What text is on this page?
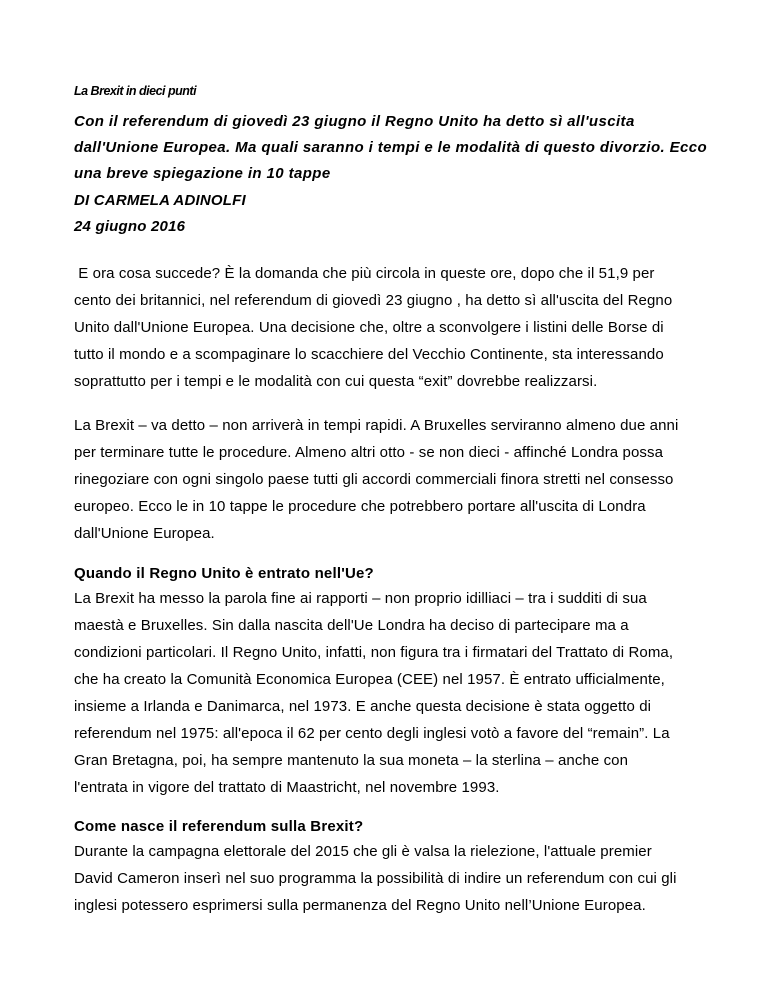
La Brexit in dieci punti
Con il referendum di giovedì 23 giugno il Regno Unito ha detto sì all'uscita
dall'Unione Europea. Ma quali saranno i tempi e le modalità di questo divorzio. Ecco
una breve spiegazione in 10 tappe
DI CARMELA ADINOLFI
24 giugno 2016
E ora cosa succede? È la domanda che più circola in queste ore, dopo che il 51,9 per
cento dei britannici, nel referendum di giovedì 23 giugno , ha detto sì all'uscita del Regno
Unito dall'Unione Europea. Una decisione che, oltre a sconvolgere i listini delle Borse di
tutto il mondo e a scompaginare lo scacchiere del Vecchio Continente, sta interessando
soprattutto per i tempi e le modalità con cui questa “exit” dovrebbe realizzarsi.
La Brexit – va detto – non arriverà in tempi rapidi. A Bruxelles serviranno almeno due anni
per terminare tutte le procedure. Almeno altri otto - se non dieci - affinché Londra possa
rinegoziare con ogni singolo paese tutti gli accordi commerciali finora stretti nel consesso
europeo. Ecco le in 10 tappe le procedure che potrebbero portare all'uscita di Londra
dall'Unione Europea.
Quando il Regno Unito è entrato nell'Ue?
La Brexit ha messo la parola fine ai rapporti – non proprio idilliaci – tra i sudditi di sua
maestà e Bruxelles. Sin dalla nascita dell'Ue Londra ha deciso di partecipare ma a
condizioni particolari. Il Regno Unito, infatti, non figura tra i firmatari del Trattato di Roma,
che ha creato la Comunità Economica Europea (CEE) nel 1957. È entrato ufficialmente,
insieme a Irlanda e Danimarca, nel 1973. E anche questa decisione è stata oggetto di
referendum nel 1975: all'epoca il 62 per cento degli inglesi votò a favore del “remain”. La
Gran Bretagna, poi, ha sempre mantenuto la sua moneta – la sterlina – anche con
l'entrata in vigore del trattato di Maastricht, nel novembre 1993.
Come nasce il referendum sulla Brexit?
Durante la campagna elettorale del 2015 che gli è valsa la rielezione, l'attuale premier
David Cameron inserì nel suo programma la possibilità di indire un referendum con cui gli
inglesi potessero esprimersi sulla permanenza del Regno Unito nell’Unione Europea.
